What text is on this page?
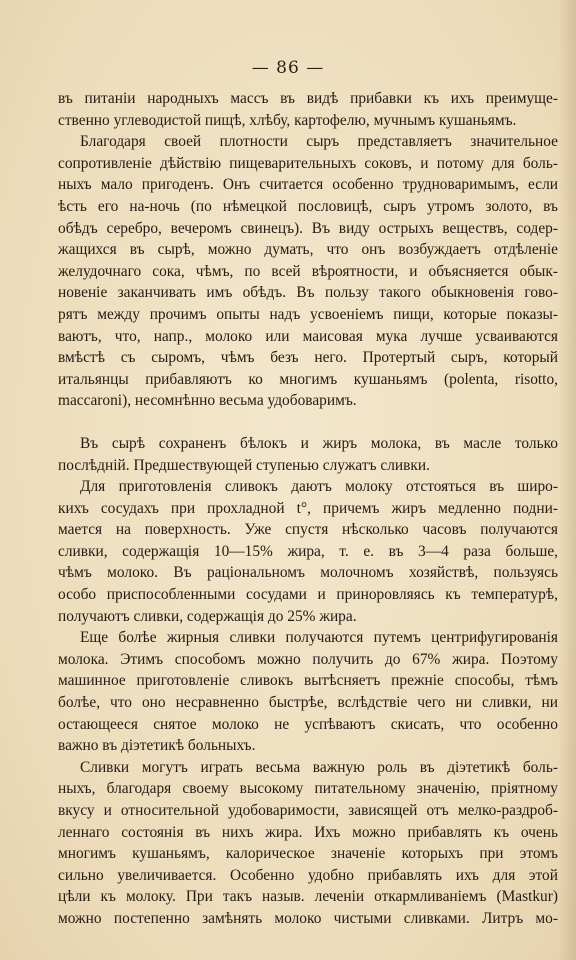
— 86 —
въ питаніи народныхъ массъ въ видѣ прибавки къ ихъ преимуще-
ственно углеводистой пищѣ, хлѣбу, картофелю, мучнымъ кушаньямъ.
Благодаря своей плотности сыръ представляетъ значительное
сопротивленіе дѣйствію пищеварительныхъ соковъ, и потому для боль-
ныхъ мало пригоденъ. Онъ считается особенно трудноваримымъ, если
ѣсть его на-ночь (по нѣмецкой пословицѣ, сыръ утромъ золото, въ
обѣдъ серебро, вечеромъ свинецъ). Въ виду острыхъ веществъ, содер-
жащихся въ сырѣ, можно думать, что онъ возбуждаетъ отдѣленіе
желудочнаго сока, чѣмъ, по всей вѣроятности, и объясняется обык-
новеніе заканчивать имъ обѣдъ. Въ пользу такого обыкновенія гово-
рятъ между прочимъ опыты надъ усвоеніемъ пищи, которые показы-
ваютъ, что, напр., молоко или маисовая мука лучше усваиваются
вмѣстѣ съ сыромъ, чѣмъ безъ него. Протертый сыръ, который
итальянцы прибавляютъ ко многимъ кушаньямъ (polenta, risotto,
maccaroni), несомнѣнно весьма удобоваримъ.
Въ сырѣ сохраненъ бѣлокъ и жиръ молока, въ масле только
послѣдній. Предшествующей ступенью служатъ сливки.
Для приготовленія сливокъ даютъ молоку отстояться въ широ-
кихъ сосудахъ при прохладной t°, причемъ жиръ медленно подни-
мается на поверхность. Уже спустя нѣсколько часовъ получаются
сливки, содержащія 10—15% жира, т. е. въ 3—4 раза больше,
чѣмъ молоко. Въ раціональномъ молочномъ хозяйствѣ, пользуясь
особо приспособленными сосудами и приноровляясь къ температурѣ,
получаютъ сливки, содержащія до 25% жира.
Еще болѣе жирныя сливки получаются путемъ центрифугированія
молока. Этимъ способомъ можно получить до 67% жира. Поэтому
машинное приготовленіе сливокъ вытѣсняетъ прежніе способы, тѣмъ
болѣе, что оно несравненно быстрѣе, вслѣдствіе чего ни сливки, ни
остающееся снятое молоко не успѣваютъ скисать, что особенно
важно въ діэтетикѣ больныхъ.
Сливки могутъ играть весьма важную роль въ діэтетикѣ боль-
ныхъ, благодаря своему высокому питательному значенію, пріятному
вкусу и относительной удобоваримости, зависящей отъ мелко-раздроб-
леннаго состоянія въ нихъ жира. Ихъ можно прибавлять къ очень
многимъ кушаньямъ, калорическое значеніе которыхъ при этомъ
сильно увеличивается. Особенно удобно прибавлять ихъ для этой
цѣли къ молоку. При такъ назыв. леченіи откармливаніемъ (Mastkur)
можно постепенно замѣнять молоко чистыми сливками. Литръ мо-
